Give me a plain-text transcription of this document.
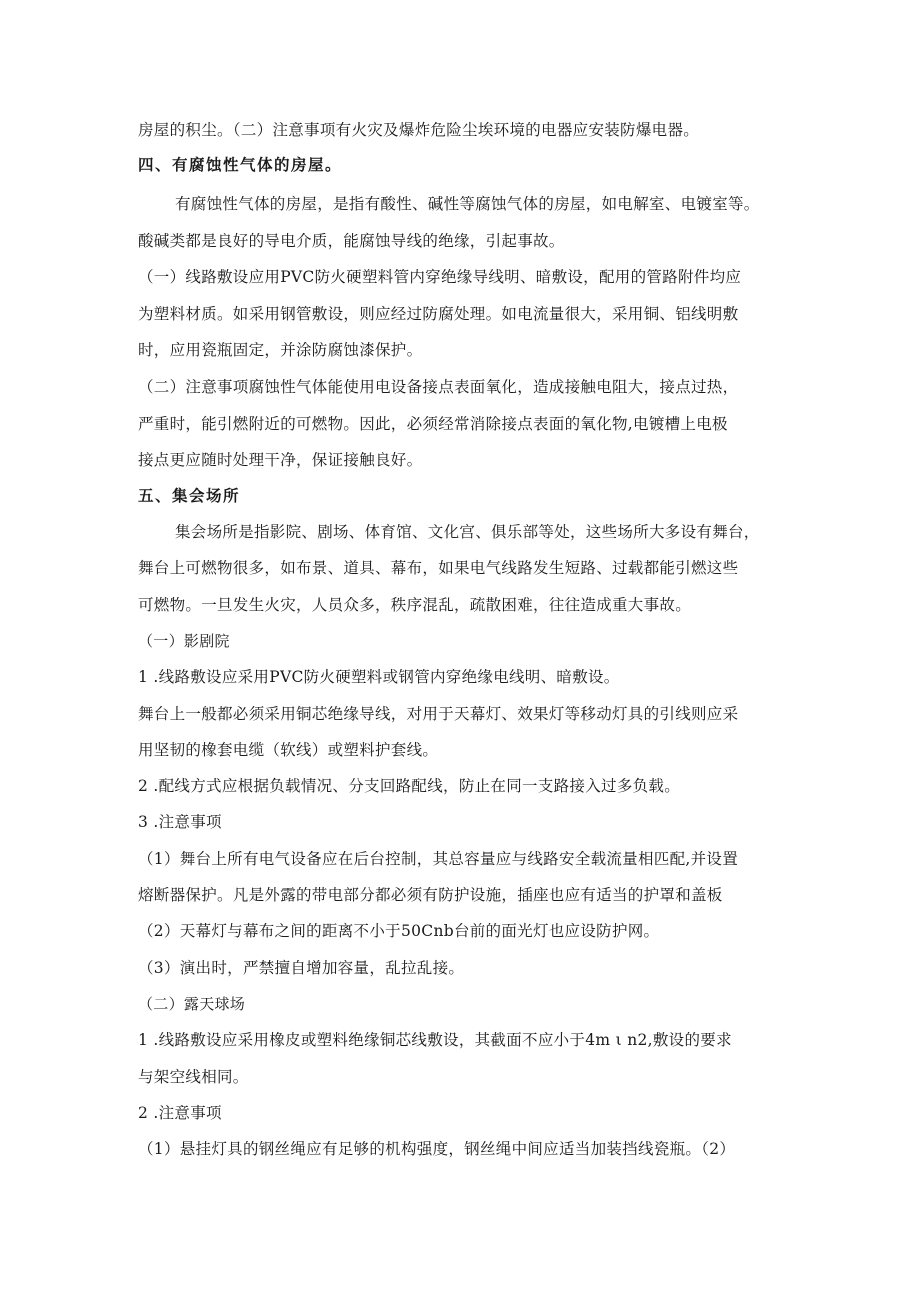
房屋的积尘。（二）注意事项有火灾及爆炸危险尘埃环境的电器应安装防爆电器。
四、有腐蚀性气体的房屋。
有腐蚀性气体的房屋，是指有酸性、碱性等腐蚀气体的房屋，如电解室、电镀室等。
酸碱类都是良好的导电介质，能腐蚀导线的绝缘，引起事故。
（一）线路敷设应用PVC防火硬塑料管内穿绝缘导线明、暗敷设，配用的管路附件均应
为塑料材质。如采用钢管敷设，则应经过防腐处理。如电流量很大，采用铜、铝线明敷
时，应用瓷瓶固定，并涂防腐蚀漆保护。
（二）注意事项腐蚀性气体能使用电设备接点表面氧化，造成接触电阻大，接点过热，
严重时，能引燃附近的可燃物。因此，必须经常消除接点表面的氧化物,电镀槽上电极
接点更应随时处理干净，保证接触良好。
五、集会场所
集会场所是指影院、剧场、体育馆、文化宫、俱乐部等处，这些场所大多设有舞台，
舞台上可燃物很多，如布景、道具、幕布，如果电气线路发生短路、过载都能引燃这些
可燃物。一旦发生火灾，人员众多，秩序混乱，疏散困难，往往造成重大事故。
（一）影剧院
1 .线路敷设应采用PVC防火硬塑料或钢管内穿绝缘电线明、暗敷设。
舞台上一般都必须采用铜芯绝缘导线，对用于天幕灯、效果灯等移动灯具的引线则应采
用坚韧的橡套电缆（软线）或塑料护套线。
2 .配线方式应根据负载情况、分支回路配线，防止在同一支路接入过多负载。
3 .注意事项
（1）舞台上所有电气设备应在后台控制，其总容量应与线路安全载流量相匹配,并设置
熔断器保护。凡是外露的带电部分都必须有防护设施，插座也应有适当的护罩和盖板
（2）天幕灯与幕布之间的距离不小于50Cnb台前的面光灯也应设防护网。
（3）演出时，严禁擅自增加容量，乱拉乱接。
（二）露天球场
1 .线路敷设应采用橡皮或塑料绝缘铜芯线敷设，其截面不应小于4m ι n2,敷设的要求
与架空线相同。
2 .注意事项
（1）悬挂灯具的钢丝绳应有足够的机构强度，钢丝绳中间应适当加装挡线瓷瓶。（2）
